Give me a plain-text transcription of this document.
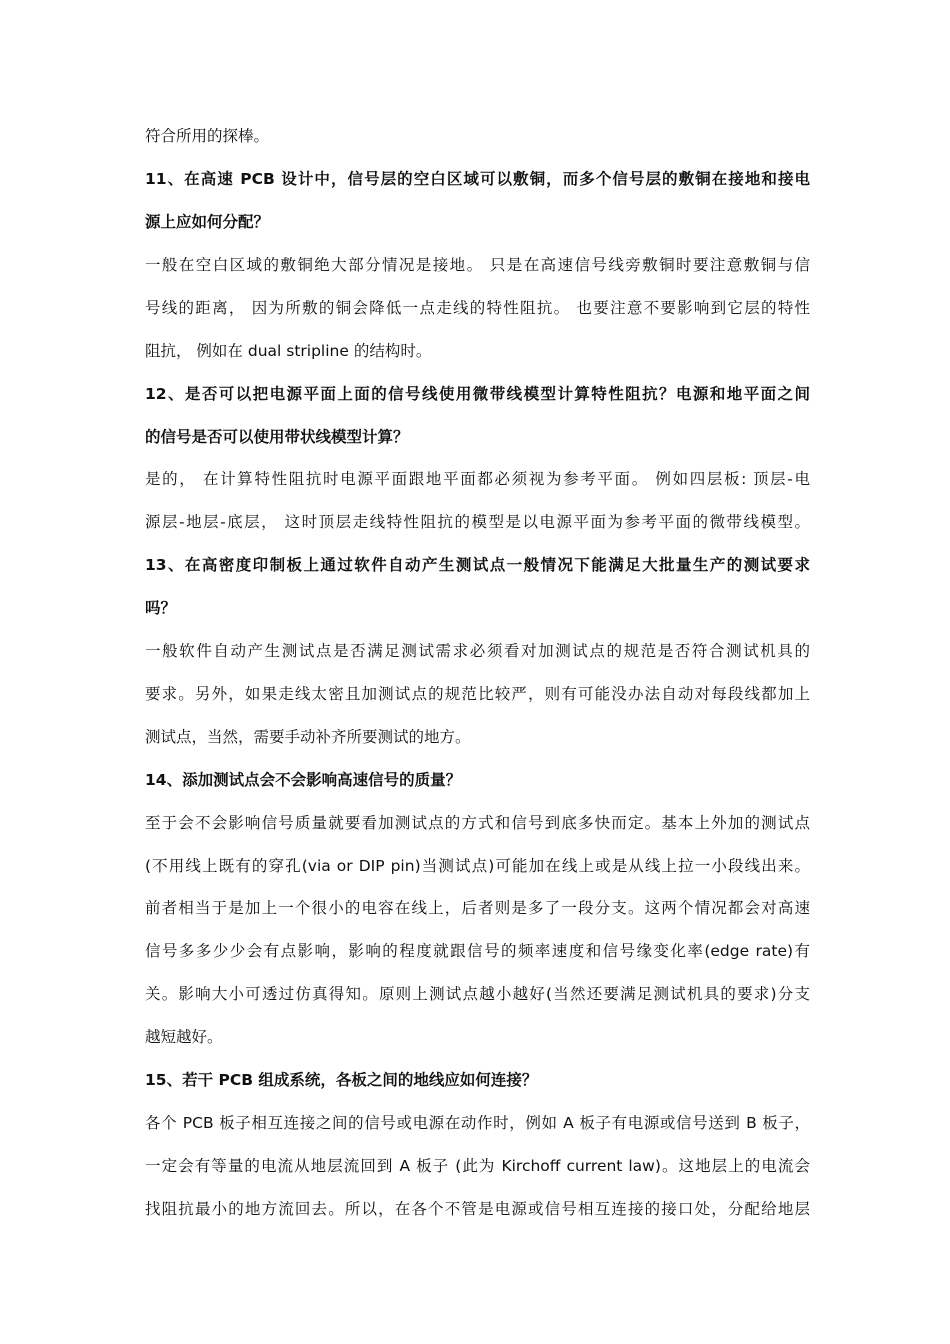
符合所用的探棒。
11、在高速 PCB 设计中，信号层的空白区域可以敷铜，而多个信号层的敷铜在接地和接电
源上应如何分配？
一般在空白区域的敷铜绝大部分情况是接地。 只是在高速信号线旁敷铜时要注意敷铜与信
号线的距离， 因为所敷的铜会降低一点走线的特性阻抗。 也要注意不要影响到它层的特性
阻抗， 例如在 dual stripline 的结构时。
12、是否可以把电源平面上面的信号线使用微带线模型计算特性阻抗？电源和地平面之间
的信号是否可以使用带状线模型计算？
是的， 在计算特性阻抗时电源平面跟地平面都必须视为参考平面。 例如四层板: 顶层-电
源层-地层-底层， 这时顶层走线特性阻抗的模型是以电源平面为参考平面的微带线模型。
13、在高密度印制板上通过软件自动产生测试点一般情况下能满足大批量生产的测试要求
吗？
一般软件自动产生测试点是否满足测试需求必须看对加测试点的规范是否符合测试机具的
要求。另外，如果走线太密且加测试点的规范比较严，则有可能没办法自动对每段线都加上
测试点，当然，需要手动补齐所要测试的地方。
14、添加测试点会不会影响高速信号的质量？
至于会不会影响信号质量就要看加测试点的方式和信号到底多快而定。基本上外加的测试点
(不用线上既有的穿孔(via or DIP pin)当测试点)可能加在线上或是从线上拉一小段线出来。
前者相当于是加上一个很小的电容在线上，后者则是多了一段分支。这两个情况都会对高速
信号多多少少会有点影响，影响的程度就跟信号的频率速度和信号缘变化率(edge rate)有
关。影响大小可透过仿真得知。原则上测试点越小越好(当然还要满足测试机具的要求)分支
越短越好。
15、若干 PCB 组成系统，各板之间的地线应如何连接？
各个 PCB 板子相互连接之间的信号或电源在动作时，例如 A 板子有电源或信号送到 B 板子，
一定会有等量的电流从地层流回到 A 板子 (此为 Kirchoff current law)。这地层上的电流会
找阻抗最小的地方流回去。所以，在各个不管是电源或信号相互连接的接口处，分配给地层
